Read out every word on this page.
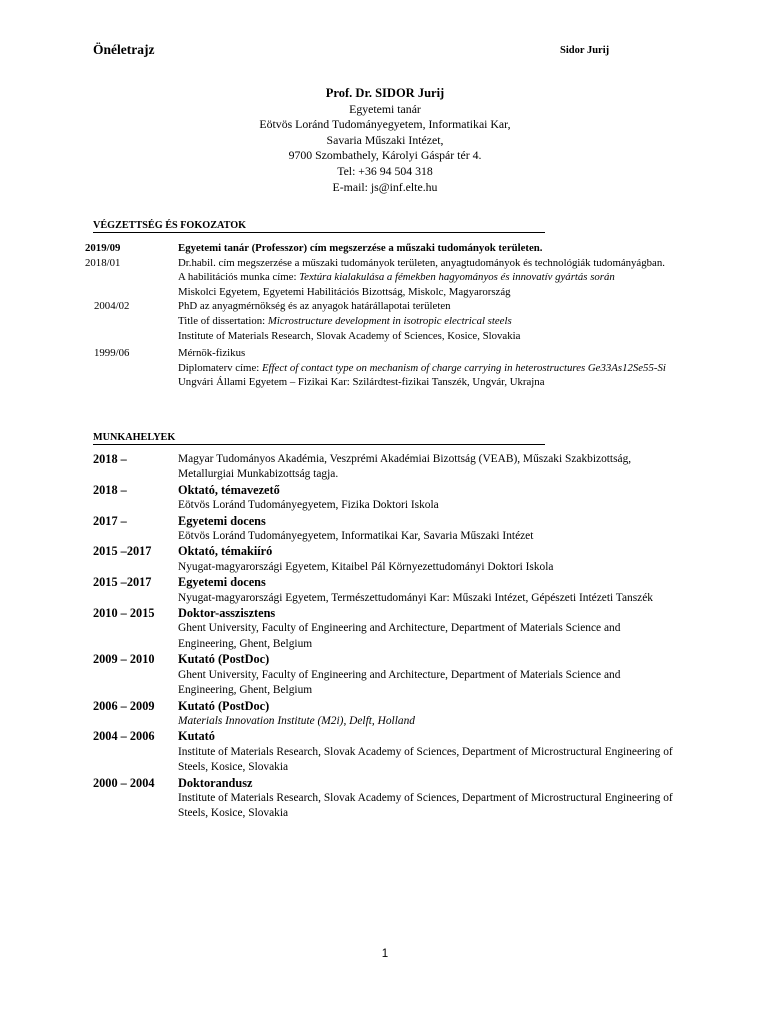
Önéletrajz	Sidor Jurij
Prof. Dr. SIDOR Jurij
Egyetemi tanár
Eötvös Loránd Tudományegyetem, Informatikai Kar,
Savaria Műszaki Intézet,
9700 Szombathely, Károlyi Gáspár tér 4.
Tel: +36 94 504 318
E-mail: js@inf.elte.hu
VÉGZETTSÉG ÉS FOKOZATOK
2019/09	Egyetemi tanár (Professzor) cím megszerzése a műszaki tudományok területen.
2018/01	Dr.habil. cím megszerzése a műszaki tudományok területen, anyagtudományok és technológiák tudományágban.
A habilitációs munka címe: Textúra kialakulása a fémekben hagyományos és innovatív gyártás során
Miskolci Egyetem, Egyetemi Habilitációs Bizottság, Miskolc, Magyarország
2004/02	PhD az anyagmérnökség és az anyagok határállapotai területen
Title of dissertation: Microstructure development in isotropic electrical steels
Institute of Materials Research, Slovak Academy of Sciences, Kosice, Slovakia
1999/06	Mérnök-fizikus
Diplomaterv címe: Effect of contact type on mechanism of charge carrying in heterostructures Ge33As12Se55-Si
Ungvári Állami Egyetem – Fizikai Kar: Szilárdtest-fizikai Tanszék, Ungvár, Ukrajna
MUNKAHELYEK
2018 –	Magyar Tudományos Akadémia, Veszprémi Akadémiai Bizottság (VEAB), Műszaki Szakbizottság, Metallurgiai Munkabizottság tagja.
2018 –	Oktató, témavezető
Eötvös Loránd Tudományegyetem, Fizika Doktori Iskola
2017 –	Egyetemi docens
Eötvös Loránd Tudományegyetem, Informatikai Kar, Savaria Műszaki Intézet
2015 –2017	Oktató, témakiíró
Nyugat-magyarországi Egyetem, Kitaibel Pál Környezettudományi Doktori Iskola
2015 –2017	Egyetemi docens
Nyugat-magyarországi Egyetem, Természettudományi Kar: Műszaki Intézet, Gépészeti Intézeti Tanszék
2010 – 2015	Doktor-asszisztens
Ghent University, Faculty of Engineering and Architecture, Department of Materials Science and Engineering, Ghent, Belgium
2009 – 2010	Kutató (PostDoc)
Ghent University, Faculty of Engineering and Architecture, Department of Materials Science and Engineering, Ghent, Belgium
2006 – 2009	Kutató (PostDoc)
Materials Innovation Institute (M2i), Delft, Holland
2004 – 2006	Kutató
Institute of Materials Research, Slovak Academy of Sciences, Department of Microstructural Engineering of Steels, Kosice, Slovakia
2000 – 2004	Doktorandusz
Institute of Materials Research, Slovak Academy of Sciences, Department of Microstructural Engineering of Steels, Kosice, Slovakia
1
